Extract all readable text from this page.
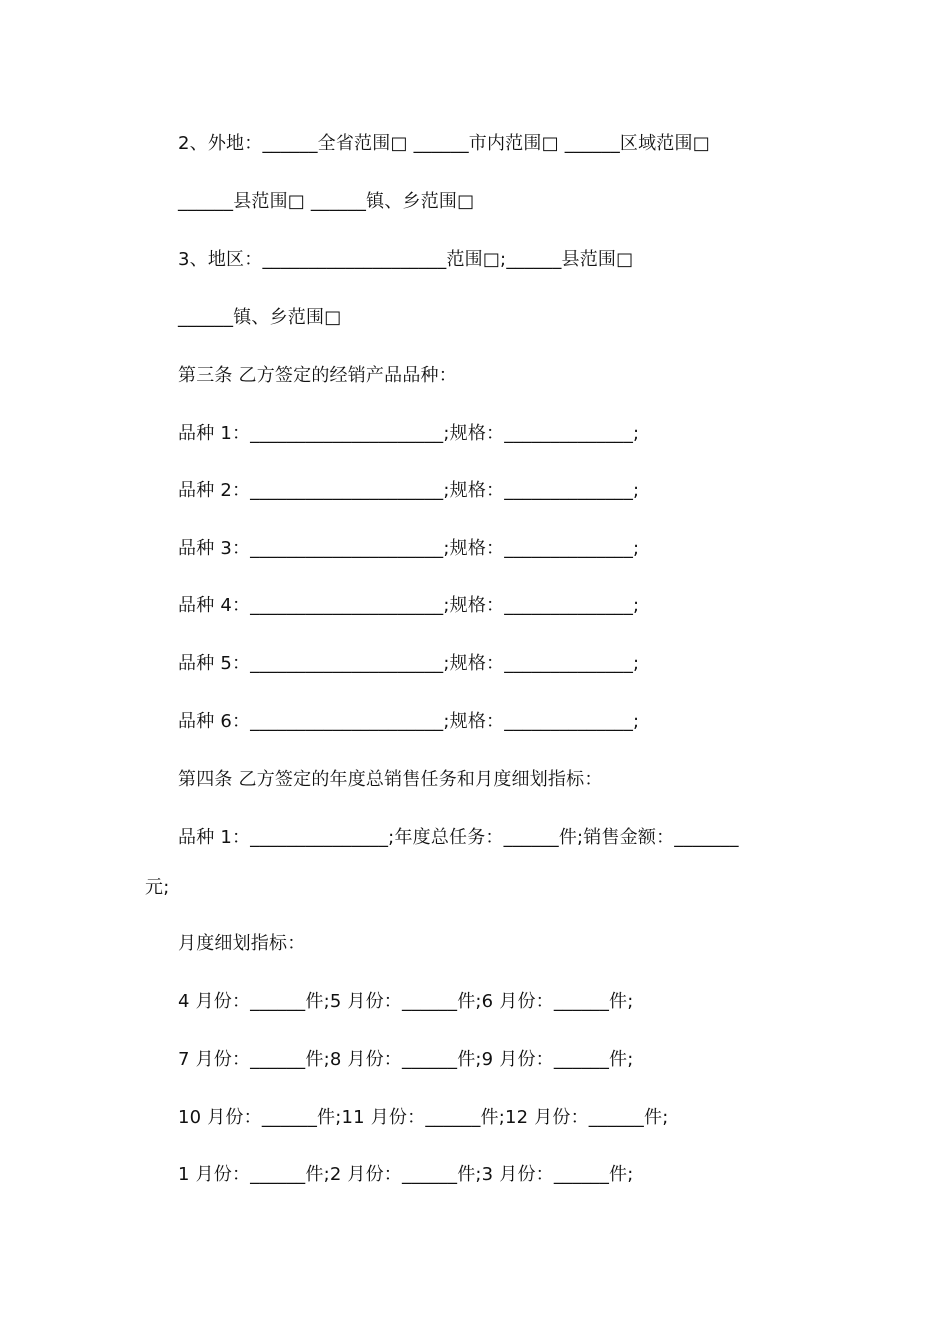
2、外地：______全省范围□ ______市内范围□ ______区域范围□
______县范围□ ______镇、乡范围□
3、地区：____________________范围□;______县范围□
______镇、乡范围□
第三条 乙方签定的经销产品品种：
品种 1：_____________________;规格：______________;
品种 2：_____________________;规格：______________;
品种 3：_____________________;规格：______________;
品种 4：_____________________;规格：______________;
品种 5：_____________________;规格：______________;
品种 6：_____________________;规格：______________;
第四条 乙方签定的年度总销售任务和月度细划指标：
品种 1：_______________;年度总任务：______件;销售金额：_______
元;
月度细划指标：
4 月份：______件;5 月份：______件;6 月份：______件;
7 月份：______件;8 月份：______件;9 月份：______件;
10 月份：______件;11 月份：______件;12 月份：______件;
1 月份：______件;2 月份：______件;3 月份：______件;
